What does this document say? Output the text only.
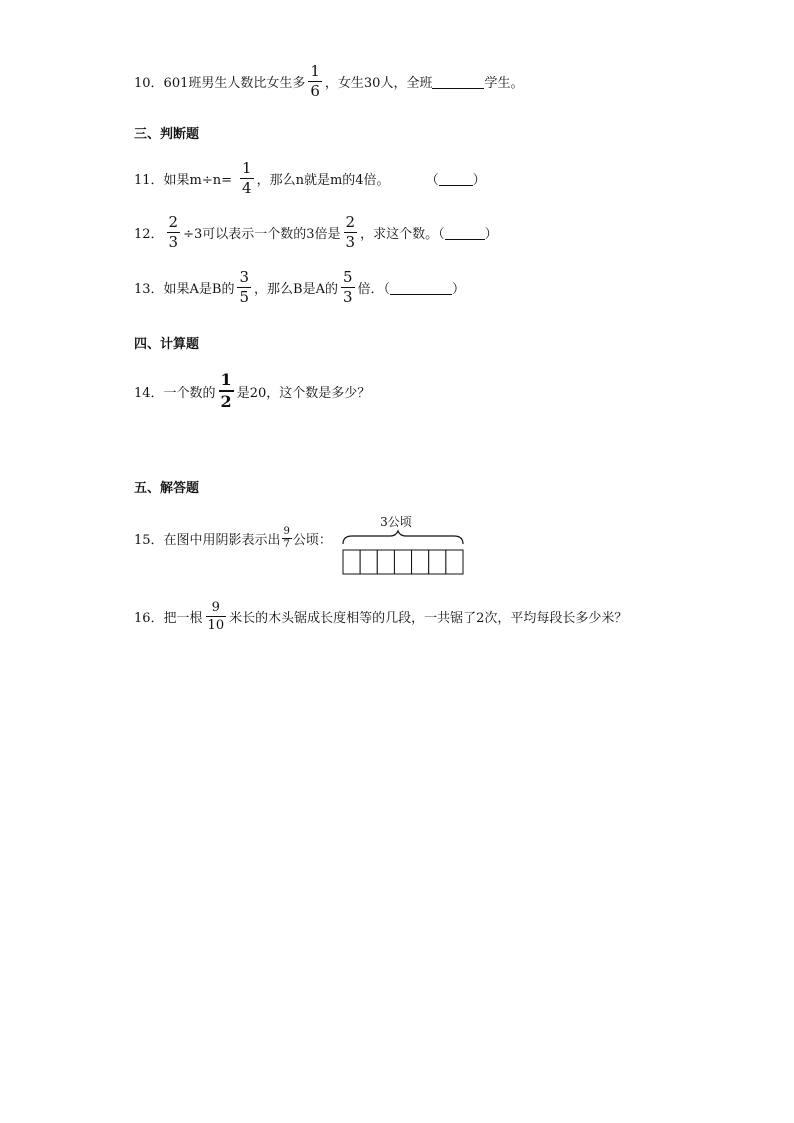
10．601班男生人数比女生多 $\frac{1}{6}$ ，女生30人，全班	学生。
三、判断题
11．如果$m\div n= \frac{1}{4}$ ，那么n就是m的4倍。	（	）
12． $\frac{2}{3} \div 3$可以表示一个数的3倍是 $\frac{2}{3}$ ，求这个数。（	）
13．如果A是B的 $\frac{3}{5}$ ，那么B是A的 $\frac{5}{3}$ 倍．（	）
四、计算题
14．一个数的 $\frac{1}{2}$ 是20，这个数是多少？
五、解答题
15．在图中用阴影表示出 $\frac{9}{7}$ 公顷：
3公顷
16．把一根 $\frac{9}{10}$ 米长的木头锯成长度相等的几段，一共锯了2次，平均每段长多少米？
